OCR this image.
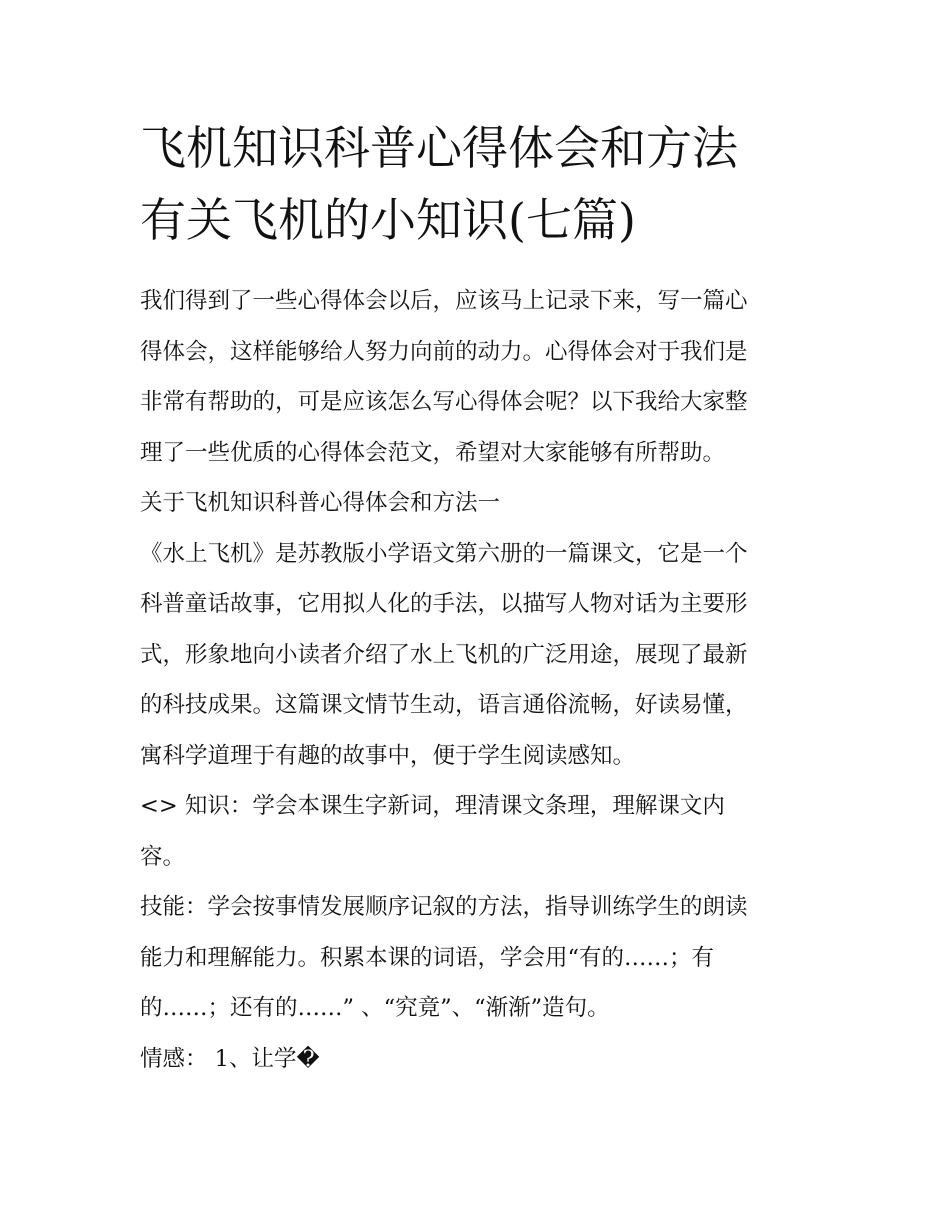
飞机知识科普心得体会和方法
有关飞机的小知识(七篇)
我们得到了一些心得体会以后，应该马上记录下来，写一篇心
得体会，这样能够给人努力向前的动力。心得体会对于我们是
非常有帮助的，可是应该怎么写心得体会呢？以下我给大家整
理了一些优质的心得体会范文，希望对大家能够有所帮助。
关于飞机知识科普心得体会和方法一
《水上飞机》是苏教版小学语文第六册的一篇课文，它是一个
科普童话故事，它用拟人化的手法，以描写人物对话为主要形
式，形象地向小读者介绍了水上飞机的广泛用途，展现了最新
的科技成果。这篇课文情节生动，语言通俗流畅，好读易懂，
寓科学道理于有趣的故事中，便于学生阅读感知。
<> 知识：学会本课生字新词，理清课文条理，理解课文内
容。
技能：学会按事情发展顺序记叙的方法，指导训练学生的朗读
能力和理解能力。积累本课的词语，学会用“有的……；有
的……；还有的……” 、“究竟”、“渐渐”造句。
情感： 1、让学�
